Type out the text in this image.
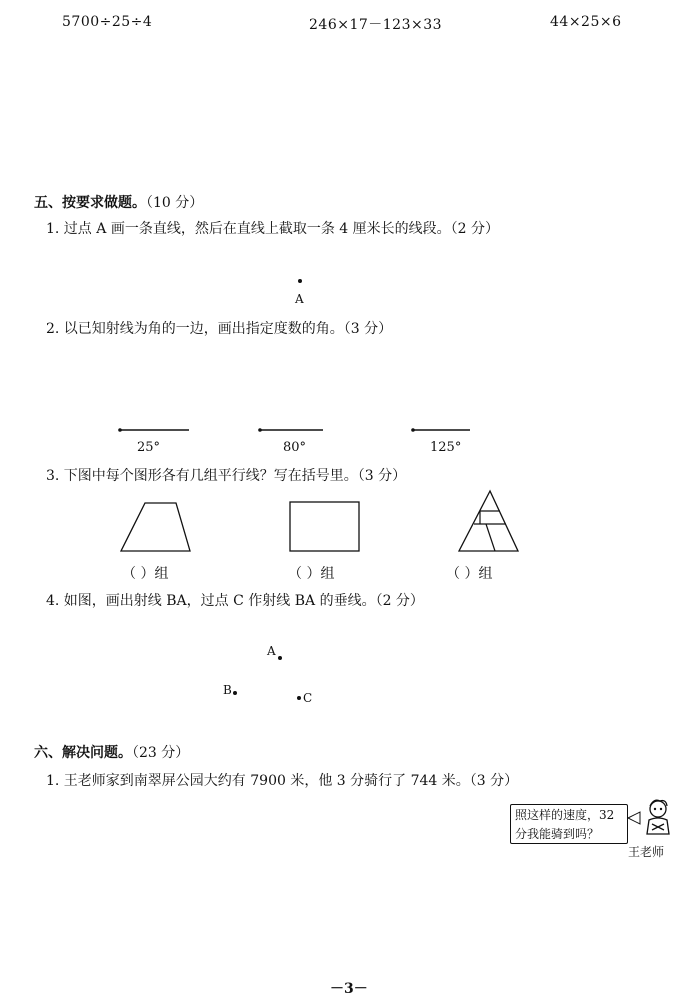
5700÷25÷4	246×17－123×33	44×25×6
五、按要求做题。（10 分）
1. 过点 A 画一条直线，然后在直线上截取一条 4 厘米长的线段。（2 分）
A
2. 以已知射线为角的一边，画出指定度数的角。（3 分）
25°	80°	125°
3. 下图中每个图形各有几组平行线？写在括号里。（3 分）
（ ）组	（ ）组	（ ）组
4. 如图，画出射线 BA，过点 C 作射线 BA 的垂线。（2 分）
A
B
C
六、解决问题。（23 分）
1. 王老师家到南翠屏公园大约有 7900 米，他 3 分骑行了 744 米。（3 分）
照这样的速度，32 分我能骑到吗？
王老师
－3－
